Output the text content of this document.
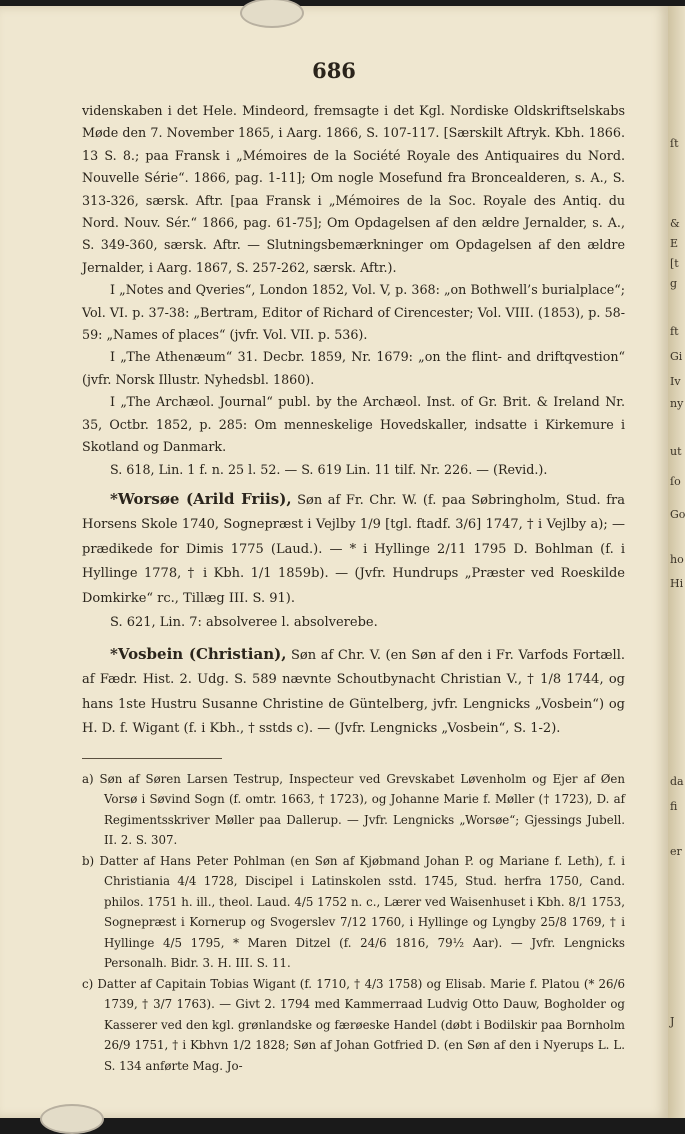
686

videnskaben i det Hele. Mindeord, fremsagte i det Kgl. Nordiske Oldskriftselskabs Møde den 7. November 1865, i Aarg. 1866, S. 107-117. [Særskilt Aftryk. Kbh. 1866. 13 S. 8.; paa Fransk i „Mémoires de la Société Royale des Antiquaires du Nord. Nouvelle Série“. 1866, pag. 1-11]; Om nogle Mosefund fra Broncealderen, s. A., S. 313-326, særsk. Aftr. [paa Fransk i „Mémoires de la Soc. Royale des Antiq. du Nord. Nouv. Sér.“ 1866, pag. 61-75]; Om Opdagelsen af den ældre Jernalder, s. A., S. 349-360, særsk. Aftr. — Slutningsbemærkninger om Opdagelsen af den ældre Jernalder, i Aarg. 1867, S. 257-262, særsk. Aftr.).

I „Notes and Qveries“, London 1852, Vol. V, p. 368: „on Bothwell’s burialplace“; Vol. VI. p. 37-38: „Bertram, Editor of Richard of Cirencester; Vol. VIII. (1853), p. 58-59: „Names of places“ (jvfr. Vol. VII. p. 536).

I „The Athenæum“ 31. Decbr. 1859, Nr. 1679: „on the flint- and driftqvestion“ (jvfr. Norsk Illustr. Nyhedsbl. 1860).

I „The Archæol. Journal“ publ. by the Archæol. Inst. of Gr. Brit. & Ireland Nr. 35, Octbr. 1852, p. 285: Om menneskelige Hovedskaller, indsatte i Kirkemure i Skotland og Danmark.

S. 618, Lin. 1 f. n. 25 l. 52. — S. 619 Lin. 11 tilf. Nr. 226. — (Revid.).

*Worsøe (Arild Friis), Søn af Fr. Chr. W. (f. paa Søbringholm, Stud. fra Horsens Skole 1740, Sognepræst i Vejlby 1/9 [tgl. ftadf. 3/6] 1747, † i Vejlby a); — prædikede for Dimis 1775 (Laud.). — * i Hyllinge 2/11 1795 D. Bohlman (f. i Hyllinge 1778, † i Kbh. 1/1 1859b). — (Jvfr. Hundrups „Præster ved Roeskilde Domkirke“ rc., Tillæg III. S. 91).

S. 621, Lin. 7: absolveree l. absolverebe.

*Vosbein (Christian), Søn af Chr. V. (en Søn af den i Fr. Varfods Fortæll. af Fædr. Hist. 2. Udg. S. 589 nævnte Schoutbynacht Christian V., † 1/8 1744, og hans 1ste Hustru Susanne Christine de Güntelberg, jvfr. Lengnicks „Vosbein“) og H. D. f. Wigant (f. i Kbh., † sstds c). — (Jvfr. Lengnicks „Vosbein“, S. 1-2).

a) Søn af Søren Larsen Testrup, Inspecteur ved Grevskabet Løvenholm og Ejer af Øen Vorsø i Søvind Sogn (f. omtr. 1663, † 1723), og Johanne Marie f. Møller († 1723), D. af Regimentsskriver Møller paa Dallerup. — Jvfr. Lengnicks „Worsøe“; Gjessings Jubell. II. 2. S. 307.

b) Datter af Hans Peter Pohlman (en Søn af Kjøbmand Johan P. og Mariane f. Leth), f. i Christiania 4/4 1728, Discipel i Latinskolen sstd. 1745, Stud. herfra 1750, Cand. philos. 1751 h. ill., theol. Laud. 4/5 1752 n. c., Lærer ved Waisenhuset i Kbh. 8/1 1753, Sognepræst i Kornerup og Svogerslev 7/12 1760, i Hyllinge og Lyngby 25/8 1769, † i Hyllinge 4/5 1795, * Maren Ditzel (f. 24/6 1816, 79½ Aar). — Jvfr. Lengnicks Personalh. Bidr. 3. H. III. S. 11.

c) Datter af Capitain Tobias Wigant (f. 1710, † 4/3 1758) og Elisab. Marie f. Platou (* 26/6 1739, † 3/7 1763). — Givt 2. 1794 med Kammerraad Ludvig Otto Dauw, Bogholder og Kasserer ved den kgl. grønlandske og færøeske Handel (døbt i Bodilskir paa Bornholm 26/9 1751, † i Kbhvn 1/2 1828; Søn af Johan Gotfried D. (en Søn af den i Nyerups L. L. S. 134 anførte Mag. Jo-

ſt
&
E
[t
g
ft
Gi
Iv
ny
ut
ſo
Go
ho
Hi
da
fi
er
J
